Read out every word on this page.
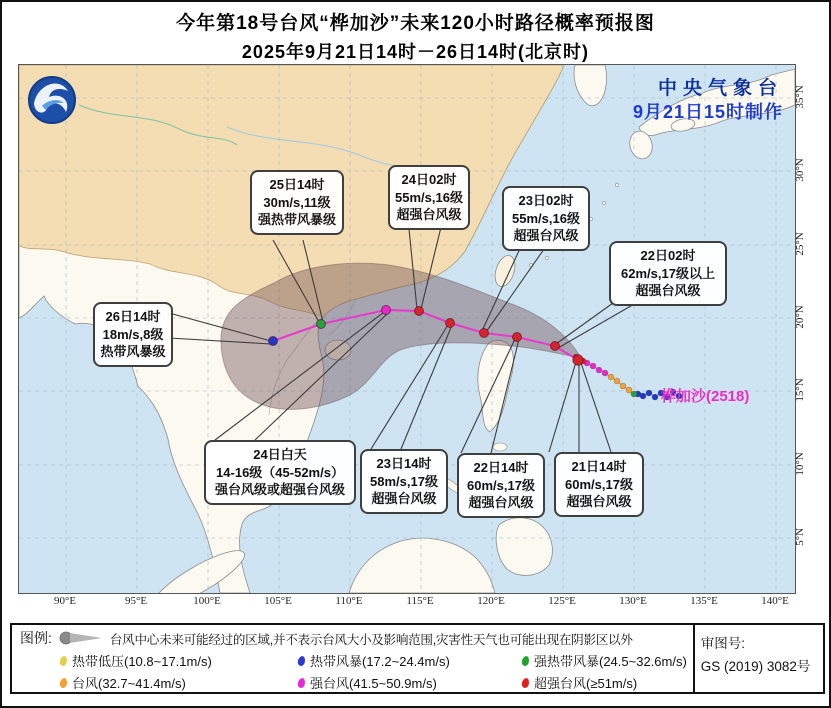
今年第18号台风“桦加沙”未来120小时路径概率预报图
2025年9月21日14时－26日14时(北京时)
中央气象台
9月21日15时制作
桦加沙(2518)
26日14时
18m/s,8级
热带风暴级
25日14时
30m/s,11级
强热带风暴级
24日02时
55m/s,16级
超强台风级
23日02时
55m/s,16级
超强台风级
22日02时
62m/s,17级以上
超强台风级
24日白天
14-16级（45-52m/s）
强台风级或超强台风级
23日14时
58m/s,17级
超强台风级
22日14时
60m/s,17级
超强台风级
21日14时
60m/s,17级
超强台风级
90°E	95°E	100°E	105°E	110°E	115°E	120°E	125°E	130°E	135°E	140°E
35°N
30°N
25°N
20°N
15°N
10°N
5°N
图例:	台风中心未来可能经过的区域,并不表示台风大小及影响范围,灾害性天气也可能出现在阴影区以外
热带低压(10.8~17.1m/s)	热带风暴(17.2~24.4m/s)	强热带风暴(24.5~32.6m/s)
台风(32.7~41.4m/s)	强台风(41.5~50.9m/s)	超强台风(≥51m/s)
审图号:
GS (2019) 3082号
